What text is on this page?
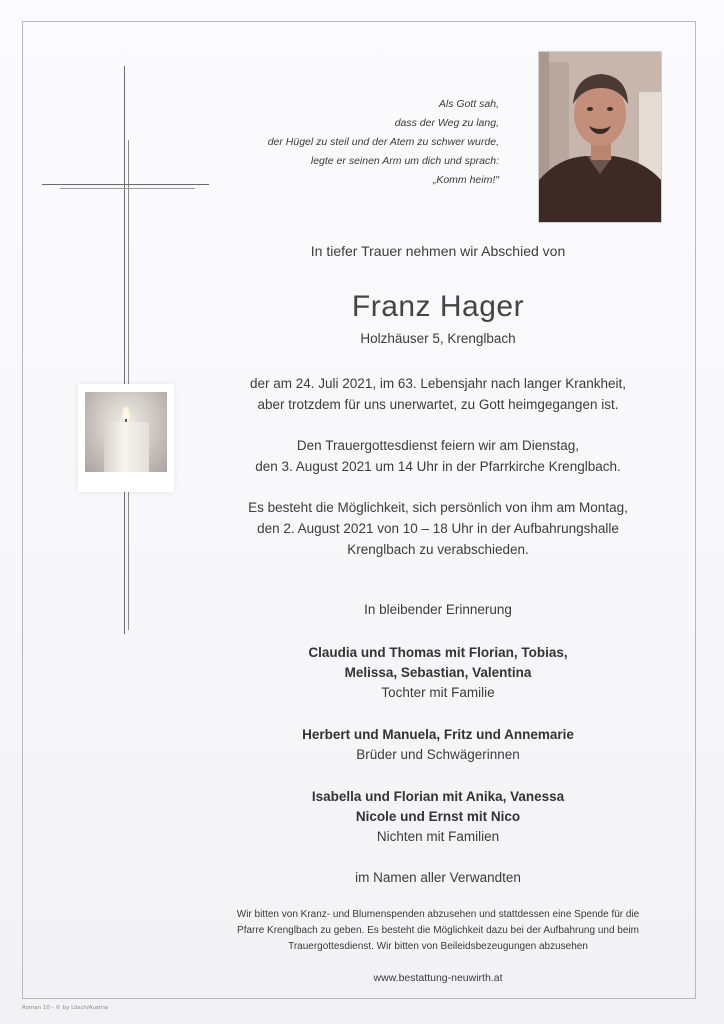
Als Gott sah,
dass der Weg zu lang,
der Hügel zu steil und der Atem zu schwer wurde,
legte er seinen Arm um dich und sprach:
„Komm heim!"
In tiefer Trauer nehmen wir Abschied von
Franz Hager
Holzhäuser 5, Krenglbach
der am 24. Juli 2021, im 63. Lebensjahr nach langer Krankheit,
aber trotzdem für uns unerwartet, zu Gott heimgegangen ist.
Den Trauergottesdienst feiern wir am Dienstag,
den 3. August 2021 um 14 Uhr in der Pfarrkirche Krenglbach.
Es besteht die Möglichkeit, sich persönlich von ihm am Montag,
den 2. August 2021 von 10 – 18 Uhr in der Aufbahrungshalle
Krenglbach zu verabschieden.
In bleibender Erinnerung
Claudia und Thomas mit Florian, Tobias,
Melissa, Sebastian, Valentina
Tochter mit Familie
Herbert und Manuela, Fritz und Annemarie
Brüder und Schwägerinnen
Isabella und Florian mit Anika, Vanessa
Nicole und Ernst mit Nico
Nichten mit Familien
im Namen aller Verwandten
Wir bitten von Kranz- und Blumenspenden abzusehen und stattdessen eine Spende für die
Pfarre Krenglbach zu geben. Es besteht die Möglichkeit dazu bei der Aufbahrung und beim
Trauergottesdienst. Wir bitten von Beileidsbezeugungen abzusehen
www.bestattung-neuwirth.at
Roman 10 - © by Lösch/Austria
